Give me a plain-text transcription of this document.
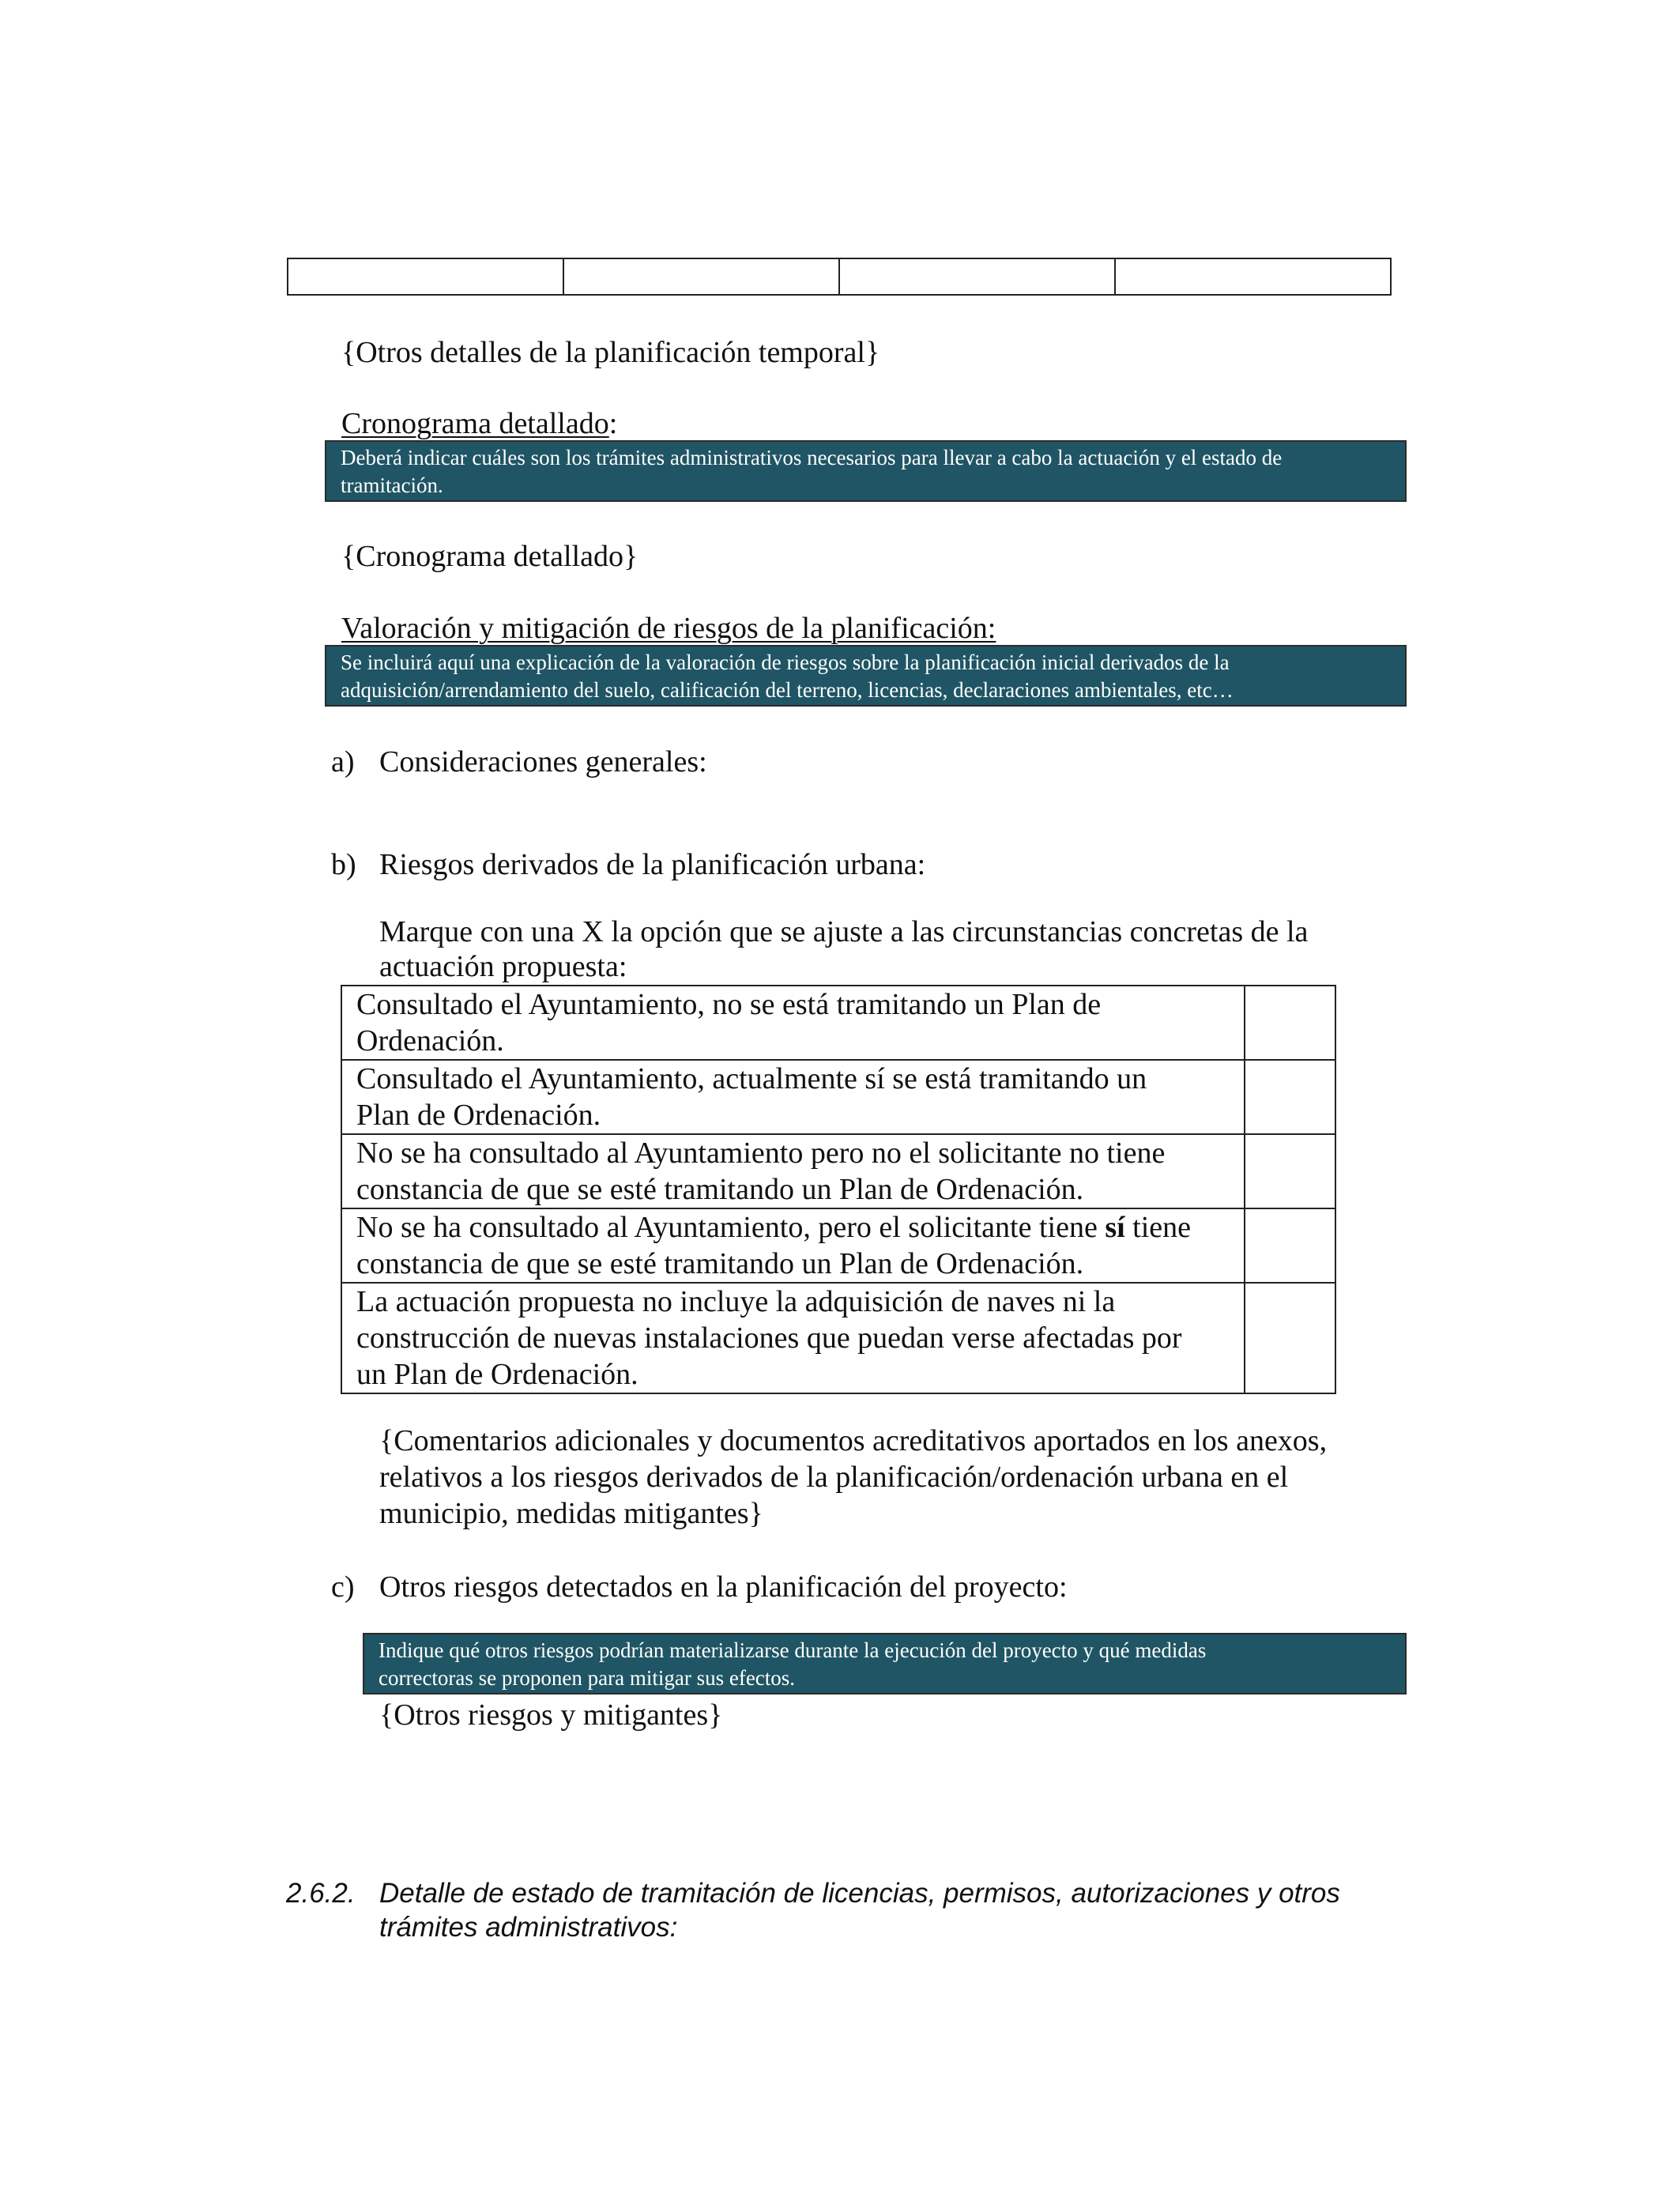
{Otros detalles de la planificación temporal}
Cronograma detallado:
Deberá indicar cuáles son los trámites administrativos necesarios para llevar a cabo la actuación y el estado de
tramitación.
{Cronograma detallado}
Valoración y mitigación de riesgos de la planificación:
Se incluirá aquí una explicación de la valoración de riesgos sobre la planificación inicial derivados de la
adquisición/arrendamiento del suelo, calificación del terreno, licencias, declaraciones ambientales, etc…
a) Consideraciones generales:
b) Riesgos derivados de la planificación urbana:
Marque con una X la opción que se ajuste a las circunstancias concretas de la
actuación propuesta:
Consultado el Ayuntamiento, no se está tramitando un Plan de
Ordenación.	

Consultado el Ayuntamiento, actualmente sí se está tramitando un
Plan de Ordenación.	

No se ha consultado al Ayuntamiento pero no el solicitante no tiene
constancia de que se esté tramitando un Plan de Ordenación.	

No se ha consultado al Ayuntamiento, pero el solicitante tiene sí tiene
constancia de que se esté tramitando un Plan de Ordenación.	

La actuación propuesta no incluye la adquisición de naves ni la
construcción de nuevas instalaciones que puedan verse afectadas por
un Plan de Ordenación.	

{Comentarios adicionales y documentos acreditativos aportados en los anexos,
relativos a los riesgos derivados de la planificación/ordenación urbana en el
municipio, medidas mitigantes}
c) Otros riesgos detectados en la planificación del proyecto:
Indique qué otros riesgos podrían materializarse durante la ejecución del proyecto y qué medidas
correctoras se proponen para mitigar sus efectos.
{Otros riesgos y mitigantes}
2.6.2. Detalle de estado de tramitación de licencias, permisos, autorizaciones y otros
trámites administrativos:
